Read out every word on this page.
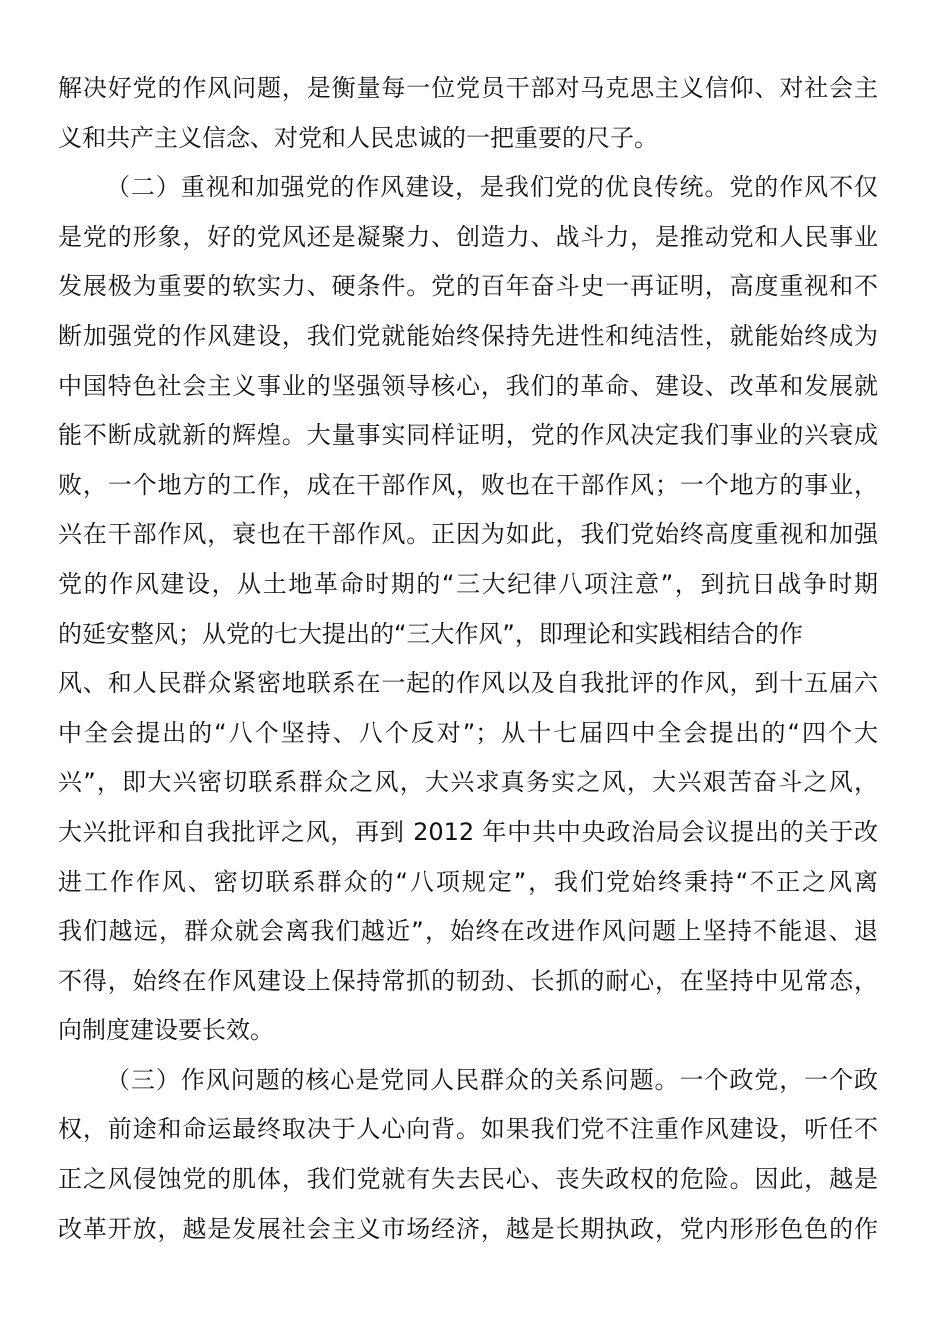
解决好党的作风问题，是衡量每一位党员干部对马克思主义信仰、对社会主
义和共产主义信念、对党和人民忠诚的一把重要的尺子。
（二）重视和加强党的作风建设，是我们党的优良传统。党的作风不仅
是党的形象，好的党风还是凝聚力、创造力、战斗力，是推动党和人民事业
发展极为重要的软实力、硬条件。党的百年奋斗史一再证明，高度重视和不
断加强党的作风建设，我们党就能始终保持先进性和纯洁性，就能始终成为
中国特色社会主义事业的坚强领导核心，我们的革命、建设、改革和发展就
能不断成就新的辉煌。大量事实同样证明，党的作风决定我们事业的兴衰成
败，一个地方的工作，成在干部作风，败也在干部作风；一个地方的事业，
兴在干部作风，衰也在干部作风。正因为如此，我们党始终高度重视和加强
党的作风建设，从土地革命时期的“三大纪律八项注意”，到抗日战争时期
的延安整风；从党的七大提出的“三大作风”，即理论和实践相结合的作
风、和人民群众紧密地联系在一起的作风以及自我批评的作风，到十五届六
中全会提出的“八个坚持、八个反对”；从十七届四中全会提出的“四个大
兴”，即大兴密切联系群众之风，大兴求真务实之风，大兴艰苦奋斗之风，
大兴批评和自我批评之风，再到 2012 年中共中央政治局会议提出的关于改
进工作作风、密切联系群众的“八项规定”，我们党始终秉持“不正之风离
我们越远，群众就会离我们越近”，始终在改进作风问题上坚持不能退、退
不得，始终在作风建设上保持常抓的韧劲、长抓的耐心，在坚持中见常态，
向制度建设要长效。
（三）作风问题的核心是党同人民群众的关系问题。一个政党，一个政
权，前途和命运最终取决于人心向背。如果我们党不注重作风建设，听任不
正之风侵蚀党的肌体，我们党就有失去民心、丧失政权的危险。因此，越是
改革开放，越是发展社会主义市场经济，越是长期执政，党内形形色色的作
